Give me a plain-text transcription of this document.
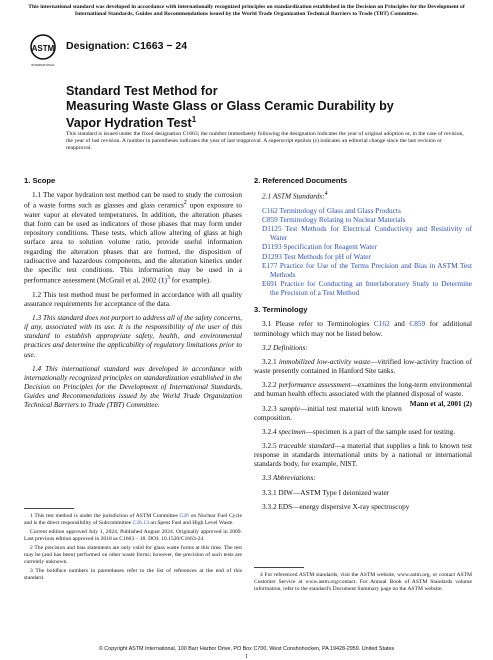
This international standard was developed in accordance with internationally recognized principles on standardization established in the Decision on Principles for the Development of International Standards, Guides and Recommendations issued by the World Trade Organization Technical Barriers to Trade (TBT) Committee.
ASTM
INTERNATIONAL
Designation: C1663 − 24
Standard Test Method for
Measuring Waste Glass or Glass Ceramic Durability by
Vapor Hydration Test$^1$
This standard is issued under the fixed designation C1663; the number immediately following the designation indicates the year of original adoption or, in the case of revision, the year of last revision. A number in parentheses indicates the year of last reapproval. A superscript epsilon (ε) indicates an editorial change since the last revision or reapproval.
1. Scope

1.1 The vapor hydration test method can be used to study the corrosion of a waste forms such as glasses and glass ceramics$^2$ upon exposure to water vapor at elevated temperatures. In addition, the alteration phases that form can be used as indicators of those phases that may form under repository conditions. These tests, which allow altering of glass at high surface area to solution volume ratio, provide useful information regarding the alteration phases that are formed, the disposition of radioactive and hazardous components, and the alteration kinetics under the specific test conditions. This information may be used in a performance assessment (McGrail et al, 2002 $(1)^3$ for example).

1.2 This test method must be performed in accordance with all quality assurance requirements for acceptance of the data.

1.3 This standard does not purport to address all of the safety concerns, if any, associated with its use. It is the responsibility of the user of this standard to establish appropriate safety, health, and environmental practices and determine the applicability of regulatory limitations prior to use.

1.4 This international standard was developed in accordance with internationally recognized principles on standardization established in the Decision on Principles for the Development of International Standards, Guides and Recommendations issued by the World Trade Organization Technical Barriers to Trade (TBT) Committee.

2. Referenced Documents

2.1 ASTM Standards:$^4$

C162 Terminology of Glass and Glass Products

C859 Terminology Relating to Nuclear Materials

D1125 Test Methods for Electrical Conductivity and Resistivity of Water

D1193 Specification for Reagent Water

D1293 Test Methods for pH of Water

E177 Practice for Use of the Terms Precision and Bias in ASTM Test Methods

E691 Practice for Conducting an Interlaboratory Study to Determine the Precision of a Test Method

3. Terminology

3.1 Please refer to Terminologies C162 and C859 for additional terminology which may not be listed below.

3.2 Definitions:

3.2.1 immobilized low-activity waste—vitrified low-activity fraction of waste presently contained in Hanford Site tanks.

3.2.2 performance assessment—examines the long-term environmental and human health effects associated with the planned disposal of waste.
Mann et al, 2001 (2)

3.2.3 sample—initial test material with known composition.

3.2.4 specimen—specimen is a part of the sample used for testing.

3.2.5 traceable standard—a material that supplies a link to known test response in standards international units by a national or international standards body, for example, NIST.

3.3 Abbreviations:

3.3.1 DIW—ASTM Type I deionized water

3.3.2 EDS—energy dispersive X-ray spectroscopy

1 This test method is under the jurisdiction of ASTM Committee C26 on Nuclear Fuel Cycle and is the direct responsibility of Subcommittee C26.13 on Spent Fuel and High Level Waste.

Current edition approved July 1, 2024. Published August 2024. Originally approved in 2009. Last previous edition approved in 2018 as C1663 – 18. DOI: 10.1520/C1663-24.

2 The precision and bias statements are only valid for glass waste forms at this time. The test may be (and has been) performed on other waste forms; however, the precision of such tests are currently unknown.

3 The boldface numbers in parentheses refer to the list of references at the end of this standard.

4 For referenced ASTM standards, visit the ASTM website, www.astm.org, or contact ASTM Customer Service at www.astm.org/contact. For Annual Book of ASTM Standards volume information, refer to the standard's Document Summary page on the ASTM website.

© Copyright ASTM International, 100 Barr Harbor Drive, PO Box C700, West Conshohocken, PA 19428-2959. United States
1
